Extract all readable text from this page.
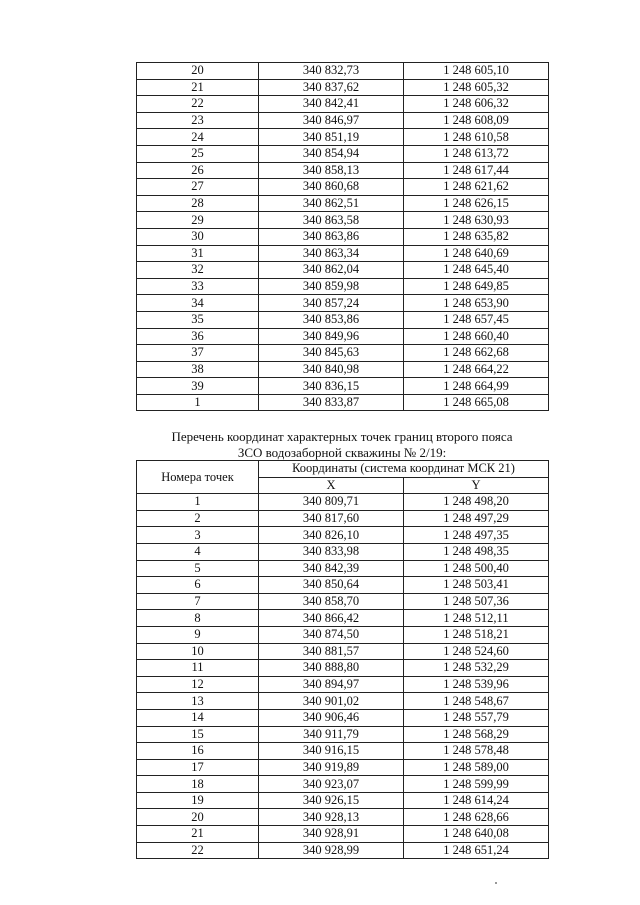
20	340 832,73	1 248 605,10
21	340 837,62	1 248 605,32
22	340 842,41	1 248 606,32
23	340 846,97	1 248 608,09
24	340 851,19	1 248 610,58
25	340 854,94	1 248 613,72
26	340 858,13	1 248 617,44
27	340 860,68	1 248 621,62
28	340 862,51	1 248 626,15
29	340 863,58	1 248 630,93
30	340 863,86	1 248 635,82
31	340 863,34	1 248 640,69
32	340 862,04	1 248 645,40
33	340 859,98	1 248 649,85
34	340 857,24	1 248 653,90
35	340 853,86	1 248 657,45
36	340 849,96	1 248 660,40
37	340 845,63	1 248 662,68
38	340 840,98	1 248 664,22
39	340 836,15	1 248 664,99
1	340 833,87	1 248 665,08
Перечень координат характерных точек границ второго пояса
ЗСО водозаборной скважины № 2/19:
Номера точек	Координаты (система координат МСК 21)	
	X	Y
1	340 809,71	1 248 498,20
2	340 817,60	1 248 497,29
3	340 826,10	1 248 497,35
4	340 833,98	1 248 498,35
5	340 842,39	1 248 500,40
6	340 850,64	1 248 503,41
7	340 858,70	1 248 507,36
8	340 866,42	1 248 512,11
9	340 874,50	1 248 518,21
10	340 881,57	1 248 524,60
11	340 888,80	1 248 532,29
12	340 894,97	1 248 539,96
13	340 901,02	1 248 548,67
14	340 906,46	1 248 557,79
15	340 911,79	1 248 568,29
16	340 916,15	1 248 578,48
17	340 919,89	1 248 589,00
18	340 923,07	1 248 599,99
19	340 926,15	1 248 614,24
20	340 928,13	1 248 628,66
21	340 928,91	1 248 640,08
22	340 928,99	1 248 651,24
